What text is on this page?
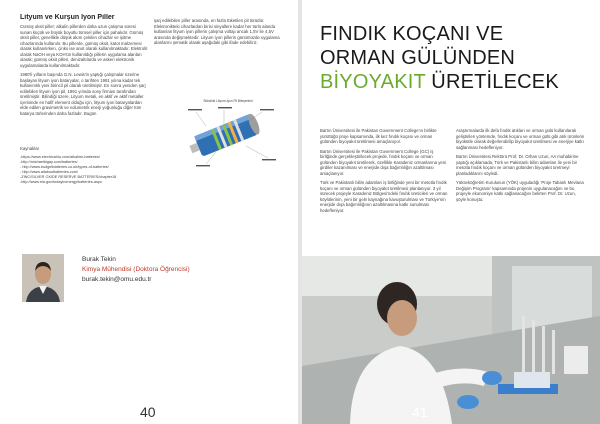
Lityum ve Kurşun İyon Piller

Cümüş oksit piller; alkalin pillerden daha uzun çalışma süresi sunan küçük ve büyük boyutlu tümsel piller için pahalıdır. Gümüş oksit piller, genellikle düşük akım çekilen cihazlar ve işitme cihazlarında kullanılır. Bu pillerde, gümüş oksit, katot malzemesi olarak kullanılırken, çinko ise anot olarak kullanılmaktadır. Elektrolit olarak NaOH veya KOH'ün kullanıldığı pillerin uygulama alanları olarak; gümüş oksit pilleri, denizaltılarda ve askeri elektronik uygulamalarda kullanılmaktadır.

1980'li yılların başında G.N. Lewis'in yaptığı çalışmalar üzerine başlayan lityum iyon bataryalar, o tarihten 1991 yılına kadar tek kullanımlık yeni birincil pil olarak üretilmiştir. En sonra yeniden şarj edilebilen lityum iyon pil, 1991 yılında sony firması tarafından üretilmiştir. Bilindiği üzere, Lityum metali, en aktif ve aktif metaller içerisinde en hafif element olduğu için, lityum iyon bataryalardan elde edilen gravimetrik ve volumetrik enerji yoğunluğu diğer tüm batarya türlerinden daha fazladır. Bugün

şarj edilebilen piller arasında, en fazla tüketilen pil türüdür. Elektronikteki cihazlardan birisi sinyallere kadar her türlü alanda kullanılan lityum iyon pillerin çalışma voltajı ancak 1,5V ile 4,5V arasında değişmektedir. Lityum iyon pillerin günümüzde uygulama alanlarını şematik olarak aşağıdaki gibi ifade edebiliriz.

Silindirik Lityum-İyon Pil Bileşenleri

Kaynaklar

-https://www.electrical4u.com/alkaline-batteries/
-http://michaelbigay.com/batteries/
- http://www.budgetbatteries.co.uk/types-of-batteries/
- http://www.allaboutbatteries.com/
-ZINC/SILVER OXIDE RESERVE BATTERIES/chapter18
-http://www.eia.gov/todayinenergy/batteries-aspx
Burak Tekin
Kimya Mühendisi (Doktora Öğrencisi)
burak.tekin@omu.edu.tr
40
FINDIK KOÇANI VE
ORMAN GÜLÜNDEN
BİYOYAKIT ÜRETİLECEK

Bartın Üniversitesi ile Pakistan Government College'ın birlikte yürüttüğü proje kapsamında, ilk kez fındık koçanı ve orman gülünden biyoyakıt üretilmesi amaçlanıyor.

Bartın Üniversitesi ile Pakistan Government College (GC) iş birliğinde gerçekleştirilecek projede, fındık koçanı ve orman gülünden biyoyakıt üretilerek, özellikle Karadeniz ormanlarına yeni girdiler kazanılması ve enerjide dışa bağımlılığın azaltılması amaçlanıyor.

Türk ve Pakistanlı bilim adamları iş birliğinde yeni bir metotla fındık koçanı ve orman gülünden biyoyakıt üretilmesi planlanıyor. 3 yıl sürecek projeyle Karadeniz Bölgesi'ndeki fındık üreticileri ve orman köylülerinin, yeni bir gelir kaynağına kavuşturulması ve Türkiye'nin enerjide dışa bağımlılığının azaltılmasına katkı sunulması hedefleniyor.

Araştırmalarda ilk defa fındık atıkları ve orman gülü kullanılarak geliştirilen yöntemde, fındık koçanı ve orman gülü gibi atık ürünlerin biyokütle olarak değerlendirilip biyoyakıt üretilmesi ve enerjiye katkı sağlanması hedefleniyor.

Bartın Üniversitesi Rektörü Prof. Dr. Orhan Uzun, AA muhabirine yaptığı açıklamada, Türk ve Pakistanlı bilim adamları ile yeni bir metotla fındık koçanı ve orman gülünden biyoyakıt üretmeyi planladıklarını söyledi.

Yükseköğretim Kurulunun (YÖK) uyguladığı 'Proje Tabanlı Mevlana Değişim Programı' kapsamında projenin uygulanacağını ve bu projeyle ekonomiye katkı sağlanacağını belirten Prof. Dr. Uzun, şöyle konuştu:

41
